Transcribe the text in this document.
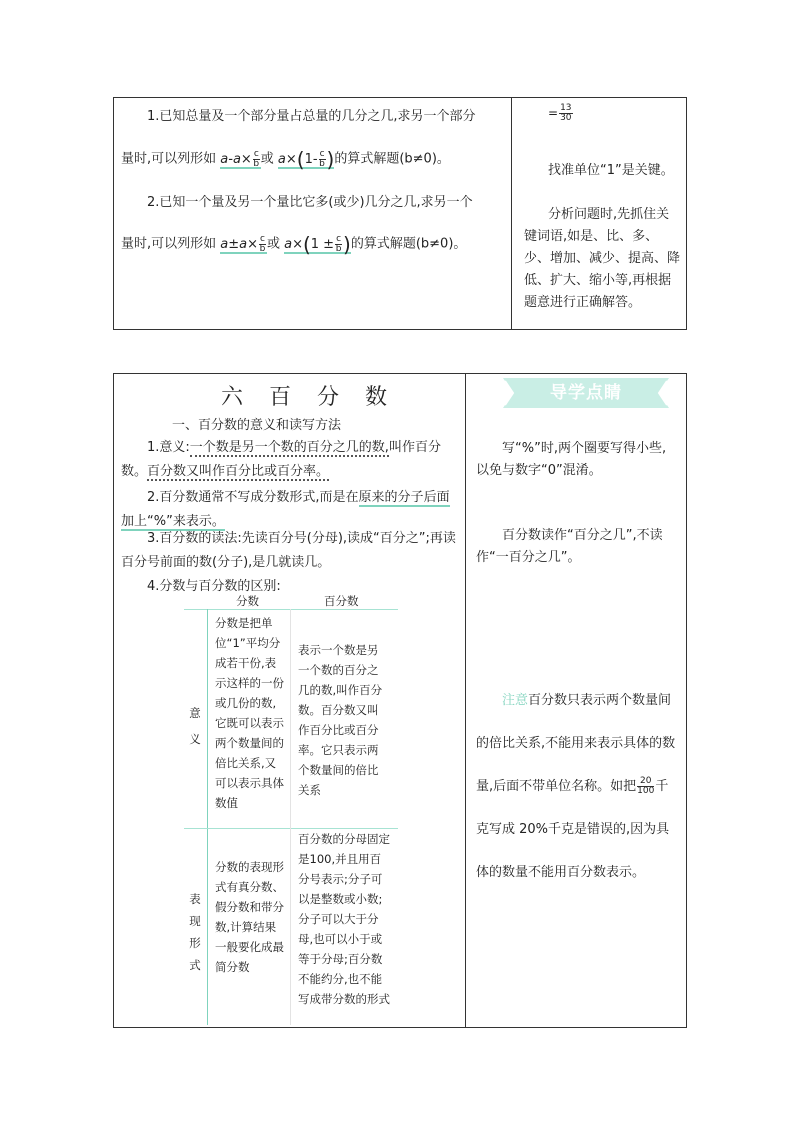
1.已知总量及一个部分量占总量的几分之几,求另一个部分
量时,可以列形如 $a-a\times \frac{c}{b}$ 或 $a\times(1- \frac{c}{b}$ )的算式解题(b≠0)。
2.已知一个量及另一个量比它多(或少)几分之几,求另一个
量时,可以列形如 $a\pm a\times \frac{c}{b}$ 或 $a\times(1 \pm \frac{c}{b}$ )的算式解题(b≠0)。
= $\frac{13}{30}$
找准单位“1”是关键。
分析问题时,先抓住关键词语,如是、比、多、少、增加、减少、提高、降低、扩大、缩小等,再根据题意进行正确解答。
六　百　分　数
一、百分数的意义和读写方法
1.意义:一个数是另一个数的百分之几的数,叫作百分数。百分数又叫作百分比或百分率。
2.百分数通常不写成分数形式,而是在原来的分子后面加上“%”来表示。
3.百分数的读法:先读百分号(分母),读成“百分之”;再读百分号前面的数(分子),是几就读几。
4.分数与百分数的区别:
分数	百分数
意义
分数是把单位“1”平均分成若干份,表示这样的一份或几份的数,它既可以表示两个数量间的倍比关系,又可以表示具体数值
表示一个数是另一个数的百分之几的数,叫作百分数。百分数又叫作百分比或百分率。它只表示两个数量间的倍比关系
表现形式
分数的表现形式有真分数、假分数和带分数,计算结果一般要化成最简分数
百分数的分母固定是100,并且用百分号表示;分子可以是整数或小数;分子可以大于分母,也可以小于或等于分母;百分数不能约分,也不能写成带分数的形式
导学点睛
写“%”时,两个圈要写得小些,以免与数字“0”混淆。
百分数读作“百分之几”,不读作“一百分之几”。
注意百分数只表示两个数量间的倍比关系,不能用来表示具体的数量,后面不带单位名称。如把 $\frac{20}{100}$ 千克写成 20%千克是错误的,因为具体的数量不能用百分数表示。
